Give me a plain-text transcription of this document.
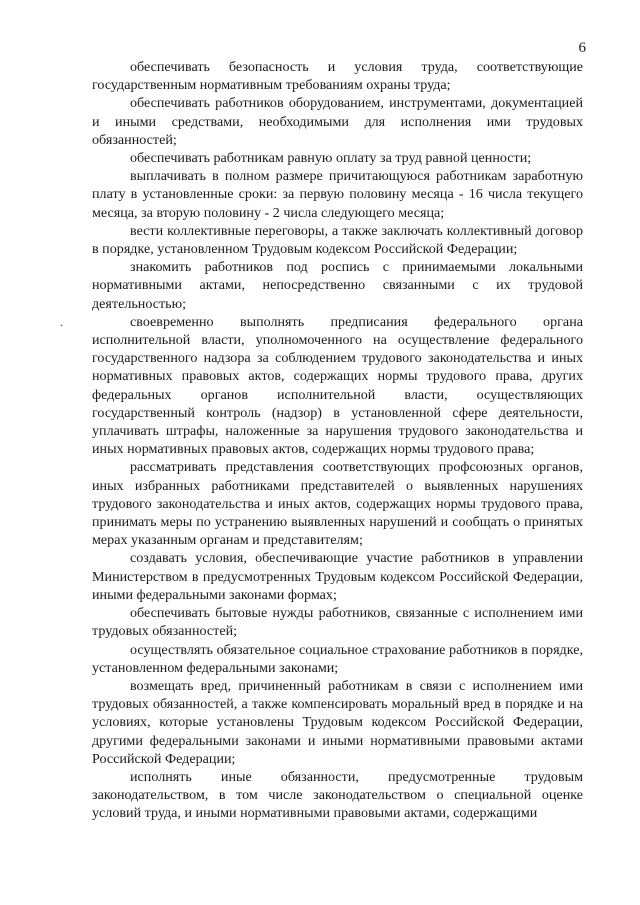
6
.

обеспечивать безопасность и условия труда, соответствующие государственным нормативным требованиям охраны труда;

обеспечивать работников оборудованием, инструментами, документацией и иными средствами, необходимыми для исполнения ими трудовых обязанностей;

обеспечивать работникам равную оплату за труд равной ценности;

выплачивать в полном размере причитающуюся работникам заработную плату в установленные сроки: за первую половину месяца - 16 числа текущего месяца, за вторую половину - 2 числа следующего месяца;

вести коллективные переговоры, а также заключать коллективный договор в порядке, установленном Трудовым кодексом Российской Федерации;

знакомить работников под роспись с принимаемыми локальными нормативными актами, непосредственно связанными с их трудовой деятельностью;

своевременно выполнять предписания федерального органа исполнительной власти, уполномоченного на осуществление федерального государственного надзора за соблюдением трудового законодательства и иных нормативных правовых актов, содержащих нормы трудового права, других федеральных органов исполнительной власти, осуществляющих государственный контроль (надзор) в установленной сфере деятельности, уплачивать штрафы, наложенные за нарушения трудового законодательства и иных нормативных правовых актов, содержащих нормы трудового права;

рассматривать представления соответствующих профсоюзных органов, иных избранных работниками представителей о выявленных нарушениях трудового законодательства и иных актов, содержащих нормы трудового права, принимать меры по устранению выявленных нарушений и сообщать о принятых мерах указанным органам и представителям;

создавать условия, обеспечивающие участие работников в управлении Министерством в предусмотренных Трудовым кодексом Российской Федерации, иными федеральными законами формах;

обеспечивать бытовые нужды работников, связанные с исполнением ими трудовых обязанностей;

осуществлять обязательное социальное страхование работников в порядке, установленном федеральными законами;

возмещать вред, причиненный работникам в связи с исполнением ими трудовых обязанностей, а также компенсировать моральный вред в порядке и на условиях, которые установлены Трудовым кодексом Российской Федерации, другими федеральными законами и иными нормативными правовыми актами Российской Федерации;

исполнять иные обязанности, предусмотренные трудовым законодательством, в том числе законодательством о специальной оценке условий труда, и иными нормативными правовыми актами, содержащими
